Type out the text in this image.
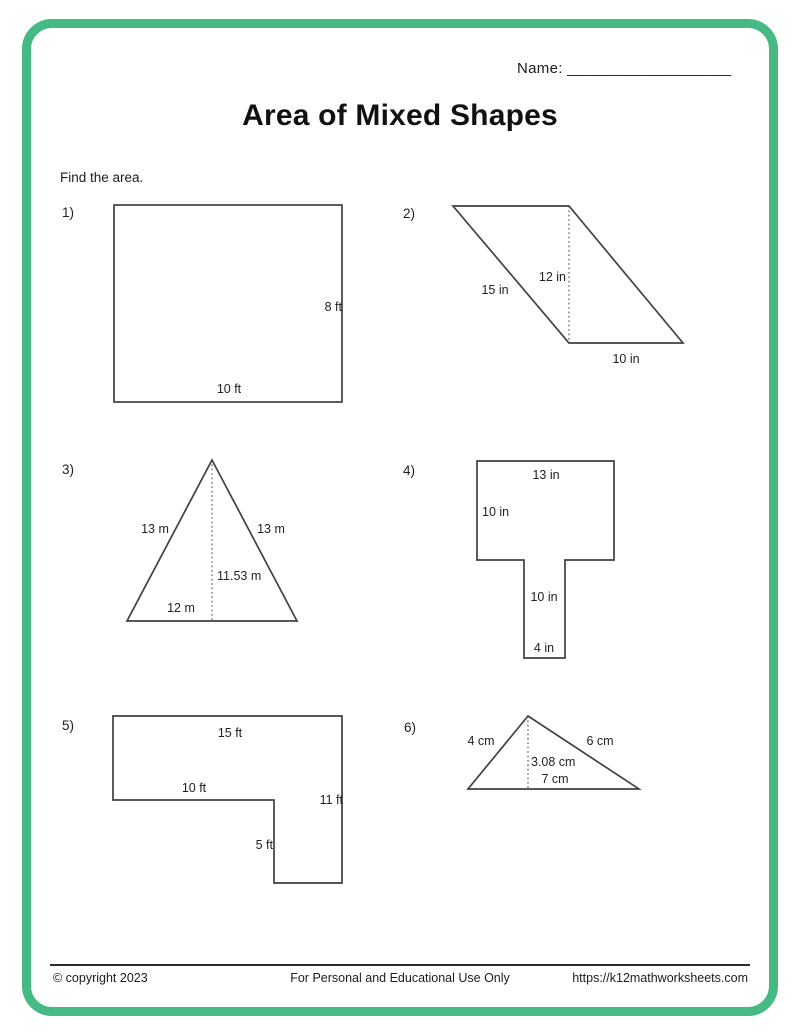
Name: ___________________
Area of Mixed Shapes
Find the area.
1)	2)
3)	4)
5)	6)
8 ft
10 ft
15 in
12 in
10 in
13 m	13 m
11.53 m
12 m
13 in
10 in
10 in
4 in
15 ft
10 ft
11 ft
5 ft
4 cm	6 cm
3.08 cm
7 cm
© copyright 2023	For Personal and Educational Use Only	https://k12mathworksheets.com
